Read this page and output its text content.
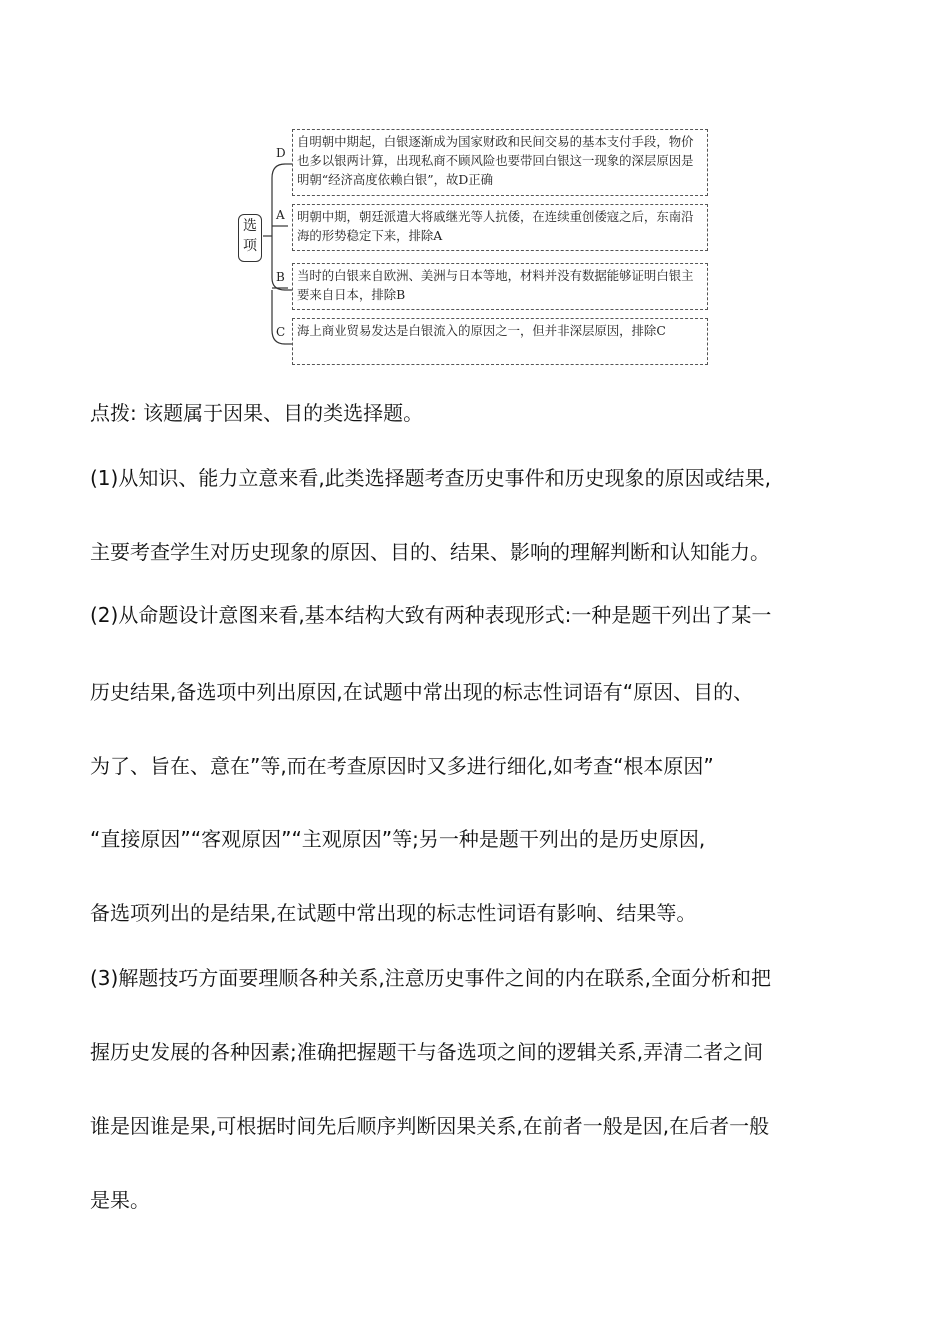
选项
D
A
B
C
自明朝中期起，白银逐渐成为国家财政和民间交易的基本支付手段，物价也多以银两计算，出现私商不顾风险也要带回白银这一现象的深层原因是明朝“经济高度依赖白银”，故D正确
明朝中期，朝廷派遣大将戚继光等人抗倭，在连续重创倭寇之后，东南沿海的形势稳定下来，排除A
当时的白银来自欧洲、美洲与日本等地，材料并没有数据能够证明白银主要来自日本，排除B
海上商业贸易发达是白银流入的原因之一，但并非深层原因，排除C
点拨: 该题属于因果、目的类选择题。
(1)从知识、能力立意来看,此类选择题考查历史事件和历史现象的原因或结果,
主要考查学生对历史现象的原因、目的、结果、影响的理解判断和认知能力。
(2)从命题设计意图来看,基本结构大致有两种表现形式:一种是题干列出了某一
历史结果,备选项中列出原因,在试题中常出现的标志性词语有“原因、目的、
为了、旨在、意在”等,而在考查原因时又多进行细化,如考查“根本原因”
“直接原因”“客观原因”“主观原因”等;另一种是题干列出的是历史原因,
备选项列出的是结果,在试题中常出现的标志性词语有影响、结果等。
(3)解题技巧方面要理顺各种关系,注意历史事件之间的内在联系,全面分析和把
握历史发展的各种因素;准确把握题干与备选项之间的逻辑关系,弄清二者之间
谁是因谁是果,可根据时间先后顺序判断因果关系,在前者一般是因,在后者一般
是果。
